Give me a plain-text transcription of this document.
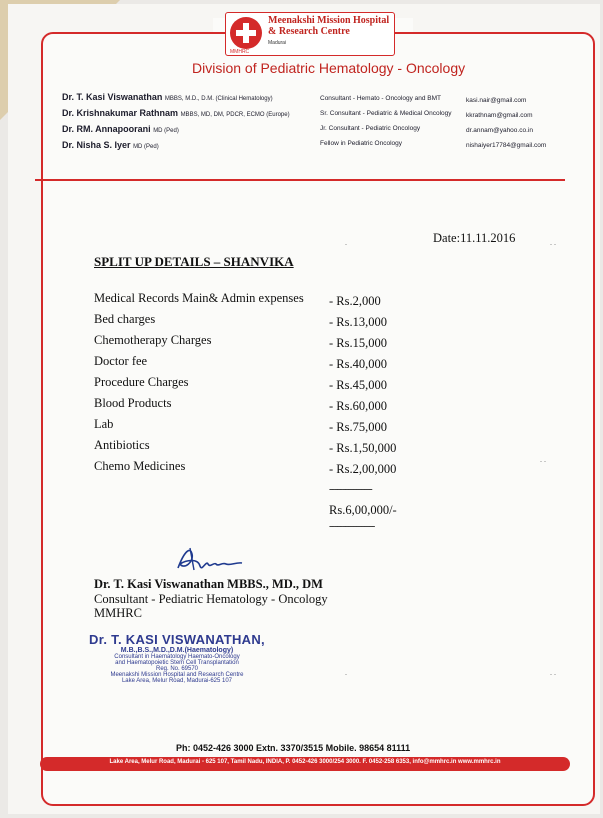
MMHRC
Meenakshi Mission Hospital
& Research Centre
Madurai
Division of Pediatric Hematology - Oncology
Dr. T. Kasi Viswanathan MBBS, M.D., D.M. (Clinical Hematology)
Dr. Krishnakumar Rathnam MBBS, MD, DM, PDCR, ECMO (Europe)
Dr. RM. Annapoorani MD (Ped)
Dr. Nisha S. Iyer MD (Ped)
Consultant - Hemato - Oncology and BMT
Sr. Consultant - Pediatric & Medical Oncology
Jr. Consultant - Pediatric Oncology
Fellow in Pediatric Oncology
kasi.nair@gmail.com
kkrathnam@gmail.com
dr.annam@yahoo.co.in
nishaiyer17784@gmail.com
Date:11.11.2016
SPLIT UP DETAILS – SHANVIKA
Medical Records Main& Admin expenses
Bed charges
Chemotherapy Charges
Doctor fee
Procedure Charges
Blood Products
Lab
Antibiotics
Chemo Medicines
- Rs.2,000
- Rs.13,000
- Rs.15,000
- Rs.40,000
- Rs.45,000
- Rs.60,000
- Rs.75,000
- Rs.1,50,000
- Rs.2,00,000
----------------
Rs.6,00,000/-
-----------------
Dr. T. Kasi Viswanathan MBBS., MD., DM
Consultant - Pediatric Hematology - Oncology
MMHRC
Dr. T. KASI VISWANATHAN,
M.B.,B.S.,M.D.,D.M.(Haematology)
Consultant in Haematology Haemato-Oncology
and Haematopoietic Stem Cell Transplantation
Reg. No. 69570
Meenakshi Mission Hospital and Research Centre
Lake Area, Melur Road, Madurai-625 107
Ph: 0452-426 3000 Extn. 3370/3515 Mobile. 98654 81111
Lake Area, Melur Road, Madurai - 625 107, Tamil Nadu, INDIA, P. 0452-426 3000/254 3000. F. 0452-258 6353, info@mmhrc.in www.mmhrc.in
.	. .
. .
. .
.
